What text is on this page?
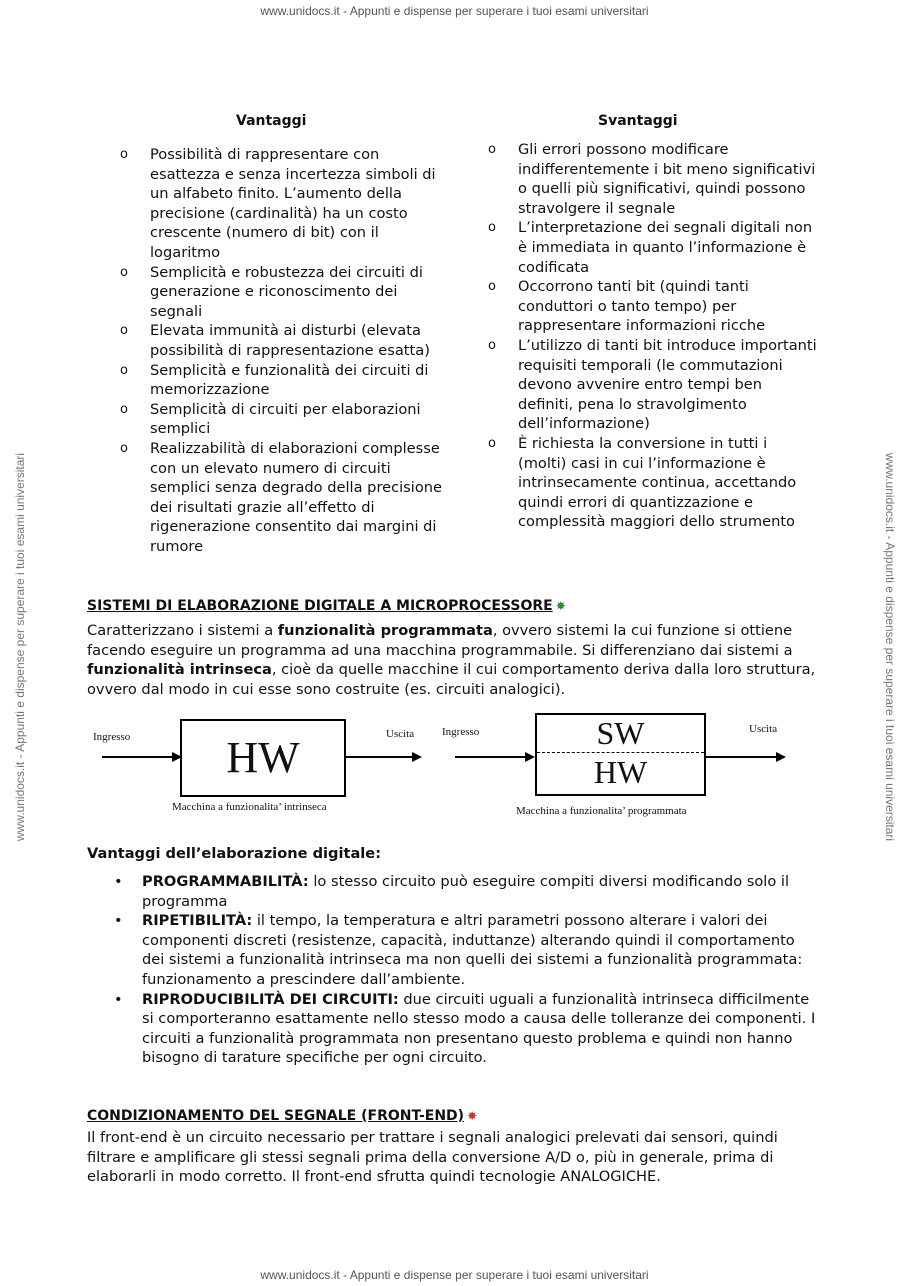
www.unidocs.it - Appunti e dispense per superare i tuoi esami universitari
www.unidocs.it - Appunti e dispense per superare i tuoi esami universitari
www.unidocs.it - Appunti e dispense per superare i tuoi esami universitari	www.unidocs.it - Appunti e dispense per superare i tuoi esami universitari
Vantaggi
o Possibilità di rappresentare con esattezza e senza incertezza simboli di un alfabeto finito. L’aumento della precisione (cardinalità) ha un costo crescente (numero di bit) con il logaritmo
o Semplicità e robustezza dei circuiti di generazione e riconoscimento dei segnali
o Elevata immunità ai disturbi (elevata possibilità di rappresentazione esatta)
o Semplicità e funzionalità dei circuiti di memorizzazione
o Semplicità di circuiti per elaborazioni semplici
o Realizzabilità di elaborazioni complesse con un elevato numero di circuiti semplici senza degrado della precisione dei risultati grazie all’effetto di rigenerazione consentito dai margini di rumore
Svantaggi
o Gli errori possono modificare indifferentemente i bit meno significativi o quelli più significativi, quindi possono stravolgere il segnale
o L’interpretazione dei segnali digitali non è immediata in quanto l’informazione è codificata
o Occorrono tanti bit (quindi tanti conduttori o tanto tempo) per rappresentare informazioni ricche
o L’utilizzo di tanti bit introduce importanti requisiti temporali (le commutazioni devono avvenire entro tempi ben definiti, pena lo stravolgimento dell’informazione)
o È richiesta la conversione in tutti i (molti) casi in cui l’informazione è intrinsecamente continua, accettando quindi errori di quantizzazione e complessità maggiori dello strumento
SISTEMI DI ELABORAZIONE DIGITALE A MICROPROCESSORE ✸
Caratterizzano i sistemi a funzionalità programmata, ovvero sistemi la cui funzione si ottiene facendo eseguire un programma ad una macchina programmabile. Si differenziano dai sistemi a funzionalità intrinseca, cioè da quelle macchine il cui comportamento deriva dalla loro struttura, ovvero dal modo in cui esse sono costruite (es. circuiti analogici).
Ingresso	HW	Uscita
Macchina a funzionalita’ intrinseca
Ingresso	SW
HW
Uscita
Macchina a funzionalita’ programmata
Vantaggi dell’elaborazione digitale:
• PROGRAMMABILITÀ: lo stesso circuito può eseguire compiti diversi modificando solo il programma
• RIPETIBILITÀ: il tempo, la temperatura e altri parametri possono alterare i valori dei componenti discreti (resistenze, capacità, induttanze) alterando quindi il comportamento dei sistemi a funzionalità intrinseca ma non quelli dei sistemi a funzionalità programmata: funzionamento a prescindere dall’ambiente.
• RIPRODUCIBILITÀ DEI CIRCUITI: due circuiti uguali a funzionalità intrinseca difficilmente si comporteranno esattamente nello stesso modo a causa delle tolleranze dei componenti. I circuiti a funzionalità programmata non presentano questo problema e quindi non hanno bisogno di tarature specifiche per ogni circuito.
CONDIZIONAMENTO DEL SEGNALE (FRONT-END) ✸
Il front-end è un circuito necessario per trattare i segnali analogici prelevati dai sensori, quindi filtrare e amplificare gli stessi segnali prima della conversione A/D o, più in generale, prima di elaborarli in modo corretto. Il front-end sfrutta quindi tecnologie ANALOGICHE.
